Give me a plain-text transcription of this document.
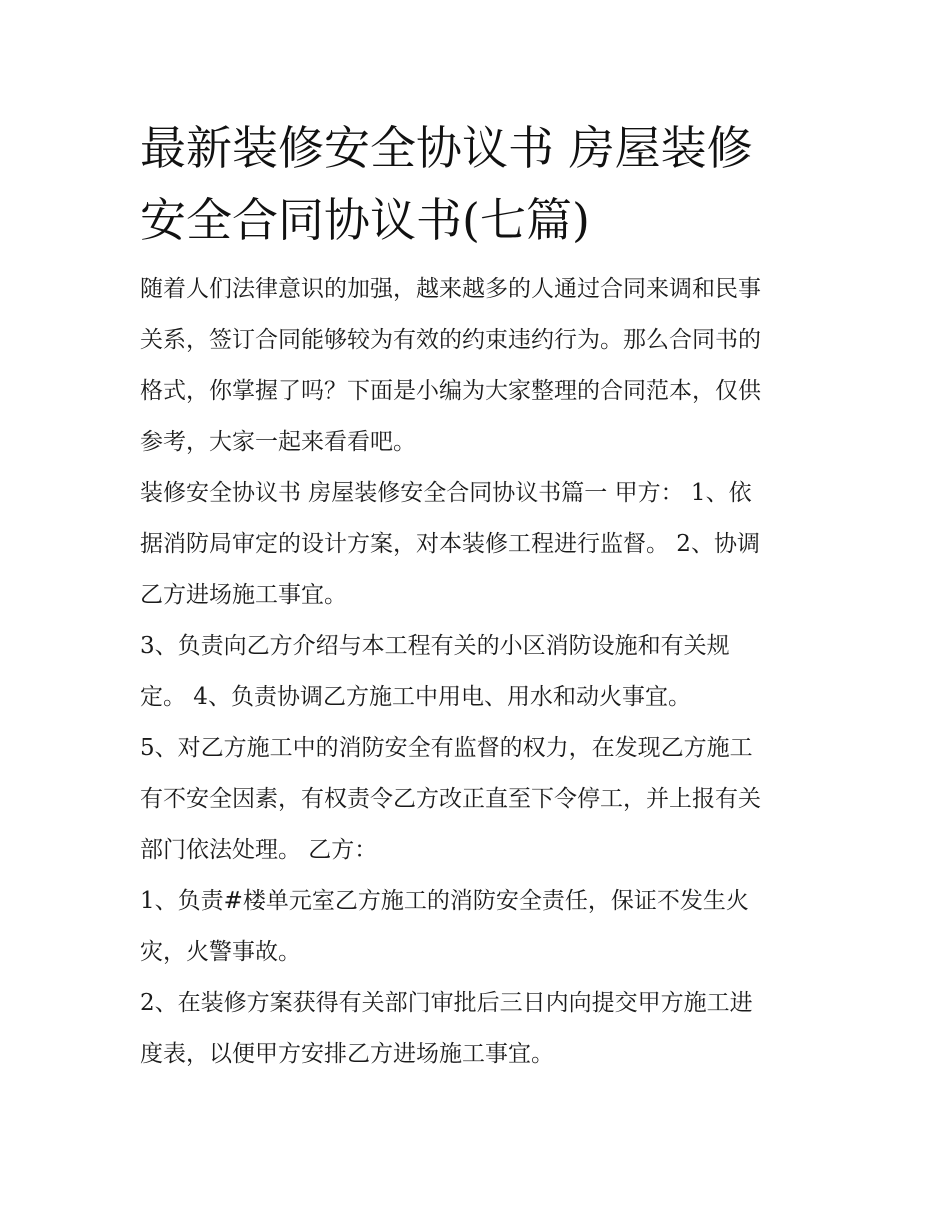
最新装修安全协议书 房屋装修
安全合同协议书(七篇)

随着人们法律意识的加强，越来越多的人通过合同来调和民事
关系，签订合同能够较为有效的约束违约行为。那么合同书的
格式，你掌握了吗？下面是小编为大家整理的合同范本，仅供
参考，大家一起来看看吧。

装修安全协议书 房屋装修安全合同协议书篇一 甲方： 1、依
据消防局审定的设计方案，对本装修工程进行监督。 2、协调
乙方进场施工事宜。

3、负责向乙方介绍与本工程有关的小区消防设施和有关规
定。 4、负责协调乙方施工中用电、用水和动火事宜。

5、对乙方施工中的消防安全有监督的权力，在发现乙方施工
有不安全因素，有权责令乙方改正直至下令停工，并上报有关
部门依法处理。 乙方：

1、负责#楼单元室乙方施工的消防安全责任，保证不发生火
灾，火警事故。

2、在装修方案获得有关部门审批后三日内向提交甲方施工进
度表，以便甲方安排乙方进场施工事宜。
